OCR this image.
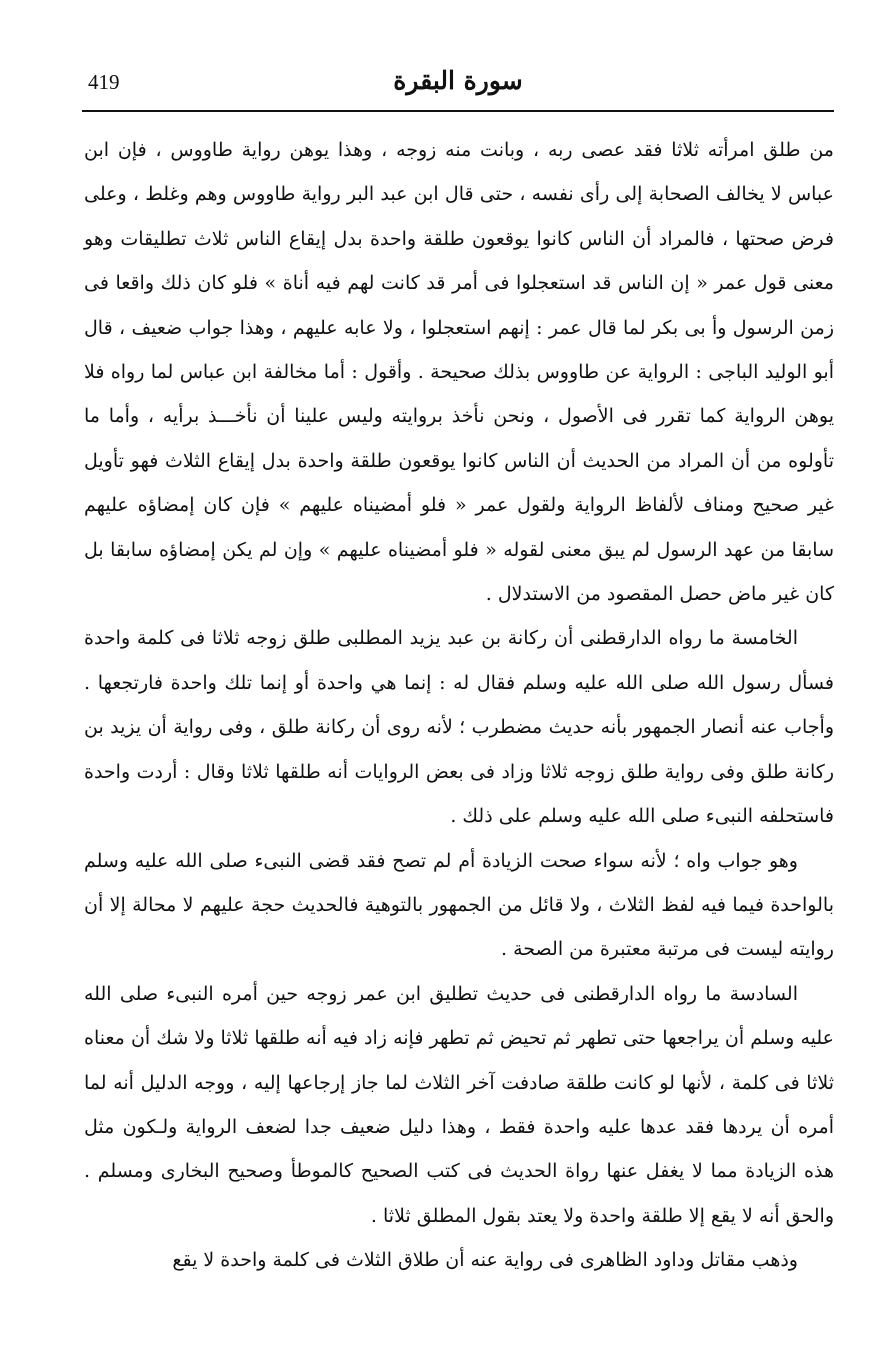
سورة البقرة
419

من طلق امرأته ثلاثا فقد عصى ربه ، وبانت منه زوجه ، وهذا يوهن رواية طاووس ، فإن ابن عباس لا يخالف الصحابة إلى رأى نفسه ، حتى قال ابن عبد البر رواية طاووس وهم وغلط ، وعلى فرض صحتها ، فالمراد أن الناس كانوا يوقعون طلقة واحدة بدل إيقاع الناس ثلاث تطليقات وهو معنى قول عمر « إن الناس قد استعجلوا فى أمر قد كانت لهم فيه أناة » فلو كان ذلك واقعا فى زمن الرسول وأ بى بكر لما قال عمر : إنهم استعجلوا ، ولا عابه عليهم ، وهذا جواب ضعيف ، قال أبو الوليد الباجى : الرواية عن طاووس بذلك صحيحة . وأقول : أما مخالفة ابن عباس لما رواه فلا يوهن الرواية كما تقرر فى الأصول ، ونحن نأخذ بروايته وليس علينا أن نأخـــذ برأيه ، وأما ما تأولوه من أن المراد من الحديث أن الناس كانوا يوقعون طلقة واحدة بدل إيقاع الثلاث فهو تأويل غير صحيح ومناف لألفاظ الرواية ولقول عمر « فلو أمضيناه عليهم » فإن كان إمضاؤه عليهم سابقا من عهد الرسول لم يبق معنى لقوله « فلو أمضيناه عليهم » وإن لم يكن إمضاؤه سابقا بل كان غير ماض حصل المقصود من الاستدلال .

الخامسة ما رواه الدارقطنى أن ركانة بن عبد يزيد المطلبى طلق زوجه ثلاثا فى كلمة واحدة فسأل رسول الله صلى الله عليه وسلم فقال له : إنما هي واحدة أو إنما تلك واحدة فارتجعها . وأجاب عنه أنصار الجمهور بأنه حديث مضطرب ؛ لأنه روى أن ركانة طلق ، وفى رواية أن يزيد بن ركانة طلق وفى رواية طلق زوجه ثلاثا وزاد فى بعض الروايات أنه طلقها ثلاثا وقال : أردت واحدة فاستحلفه النبىء صلى الله عليه وسلم على ذلك .

وهو جواب واه ؛ لأنه سواء صحت الزيادة أم لم تصح فقد قضى النبىء صلى الله عليه وسلم بالواحدة فيما فيه لفظ الثلاث ، ولا قائل من الجمهور بالتوهية فالحديث حجة عليهم لا محالة إلا أن روايته ليست فى مرتبة معتبرة من الصحة .

السادسة ما رواه الدارقطنى فى حديث تطليق ابن عمر زوجه حين أمره النبىء صلى الله عليه وسلم أن يراجعها حتى تطهر ثم تحيض ثم تطهر فإنه زاد فيه أنه طلقها ثلاثا ولا شك أن معناه ثلاثا فى كلمة ، لأنها لو كانت طلقة صادفت آخر الثلاث لما جاز إرجاعها إليه ، ووجه الدليل أنه لما أمره أن يردها فقد عدها عليه واحدة فقط ، وهذا دليل ضعيف جدا لضعف الرواية ولـكون مثل هذه الزيادة مما لا يغفل عنها رواة الحديث فى كتب الصحيح كالموطأ وصحيح البخارى ومسلم . والحق أنه لا يقع إلا طلقة واحدة ولا يعتد بقول المطلق ثلاثا .

وذهب مقاتل وداود الظاهرى فى رواية عنه أن طلاق الثلاث فى كلمة واحدة لا يقع
